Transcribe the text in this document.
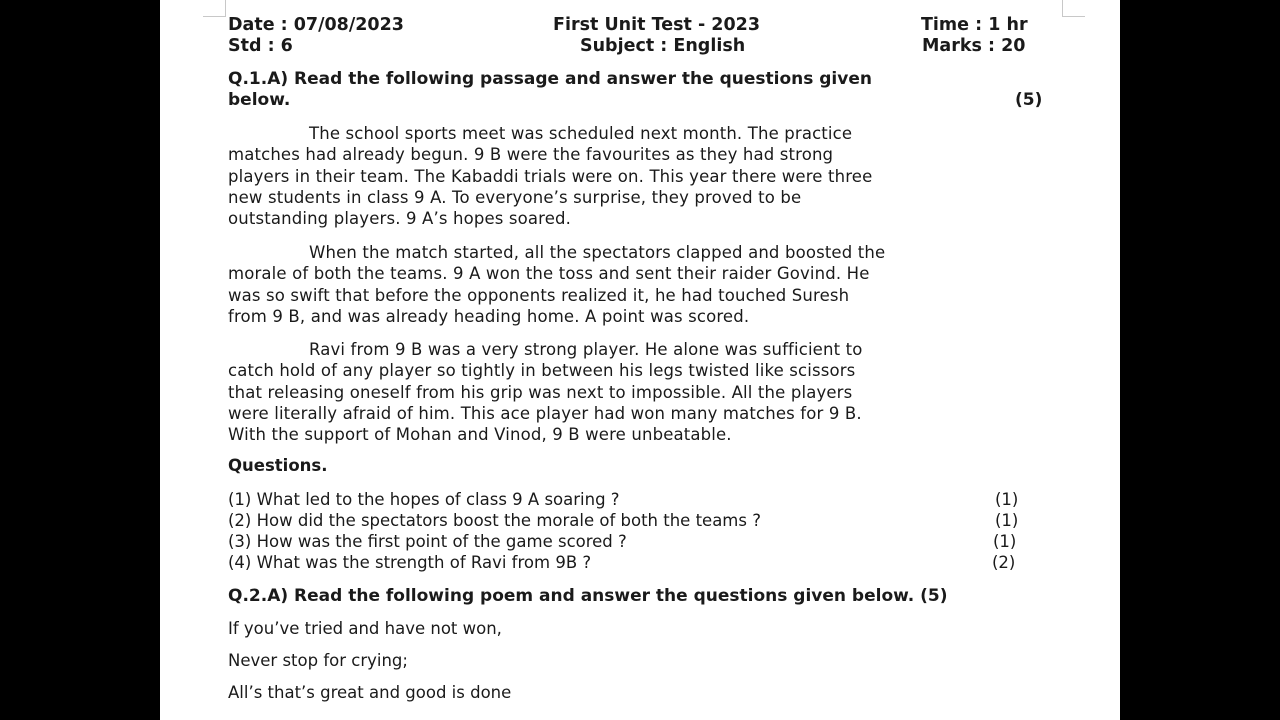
Date : 07/08/2023	First Unit Test - 2023	Time : 1 hr
Std : 6	Subject : English	Marks : 20
Q.1.A) Read the following passage and answer the questions given
below.	(5)
The school sports meet was scheduled next month. The practice
matches had already begun. 9 B were the favourites as they had strong
players in their team. The Kabaddi trials were on. This year there were three
new students in class 9 A. To everyone’s surprise, they proved to be
outstanding players. 9 A’s hopes soared.
When the match started, all the spectators clapped and boosted the
morale of both the teams. 9 A won the toss and sent their raider Govind. He
was so swift that before the opponents realized it, he had touched Suresh
from 9 B, and was already heading home. A point was scored.
Ravi from 9 B was a very strong player. He alone was sufficient to
catch hold of any player so tightly in between his legs twisted like scissors
that releasing oneself from his grip was next to impossible. All the players
were literally afraid of him. This ace player had won many matches for 9 B.
With the support of Mohan and Vinod, 9 B were unbeatable.
Questions.
(1) What led to the hopes of class 9 A soaring ?	(1)
(2) How did the spectators boost the morale of both the teams ?	(1)
(3) How was the first point of the game scored ?	(1)
(4) What was the strength of Ravi from 9B ?	(2)
Q.2.A) Read the following poem and answer the questions given below. (5)
If you’ve tried and have not won,
Never stop for crying;
All’s that’s great and good is done
